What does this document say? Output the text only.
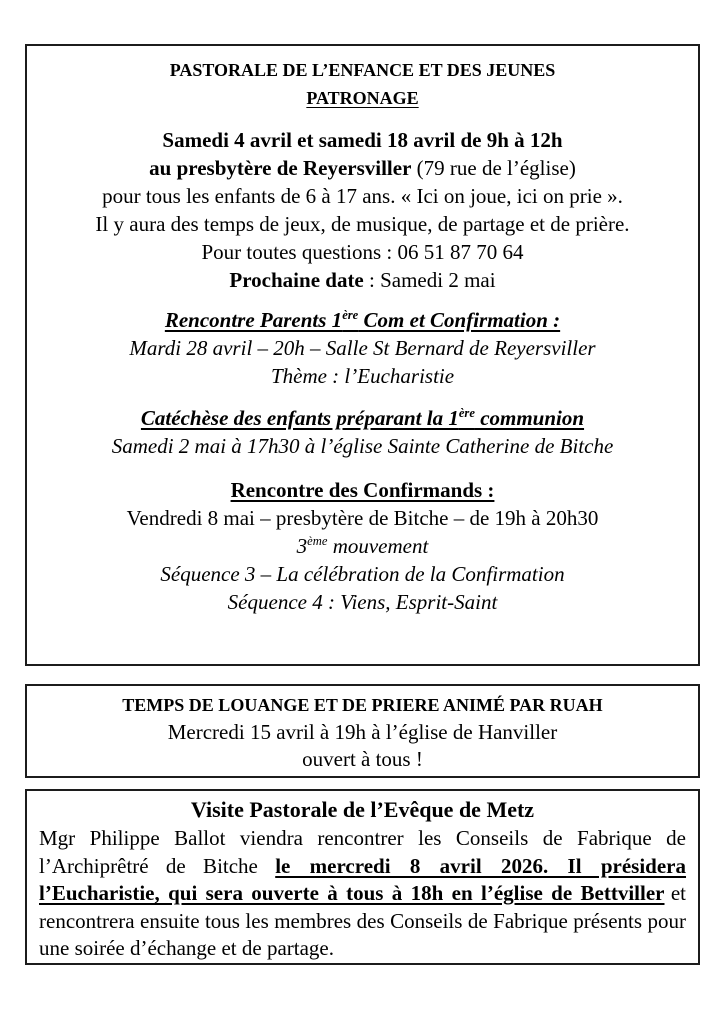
PASTORALE DE L’ENFANCE ET DES JEUNES

PATRONAGE

Samedi 4 avril et samedi 18 avril de 9h à 12h

au presbytère de Reyersviller (79 rue de l’église)

pour tous les enfants de 6 à 17 ans. « Ici on joue, ici on prie ».

Il y aura des temps de jeux, de musique, de partage et de prière.

Pour toutes questions : 06 51 87 70 64

Prochaine date : Samedi 2 mai

Rencontre Parents 1ère Com et Confirmation :

Mardi 28 avril – 20h – Salle St Bernard de Reyersviller

Thème : l’Eucharistie

Catéchèse des enfants préparant la 1ère communion

Samedi 2 mai à 17h30 à l’église Sainte Catherine de Bitche

Rencontre des Confirmands :

Vendredi 8 mai – presbytère de Bitche – de 19h à 20h30

3ème mouvement

Séquence 3 – La célébration de la Confirmation

Séquence 4 : Viens, Esprit-Saint

TEMPS DE LOUANGE ET DE PRIERE ANIMÉ PAR RUAH

Mercredi 15 avril à 19h à l’église de Hanviller

ouvert à tous !

Visite Pastorale de l’Evêque de Metz

Mgr Philippe Ballot viendra rencontrer les Conseils de Fabrique de l’Archiprêtré de Bitche le mercredi 8 avril 2026. Il présidera l’Eucharistie, qui sera ouverte à tous à 18h en l’église de Bettviller et rencontrera ensuite tous les membres des Conseils de Fabrique présents pour une soirée d’échange et de partage.
